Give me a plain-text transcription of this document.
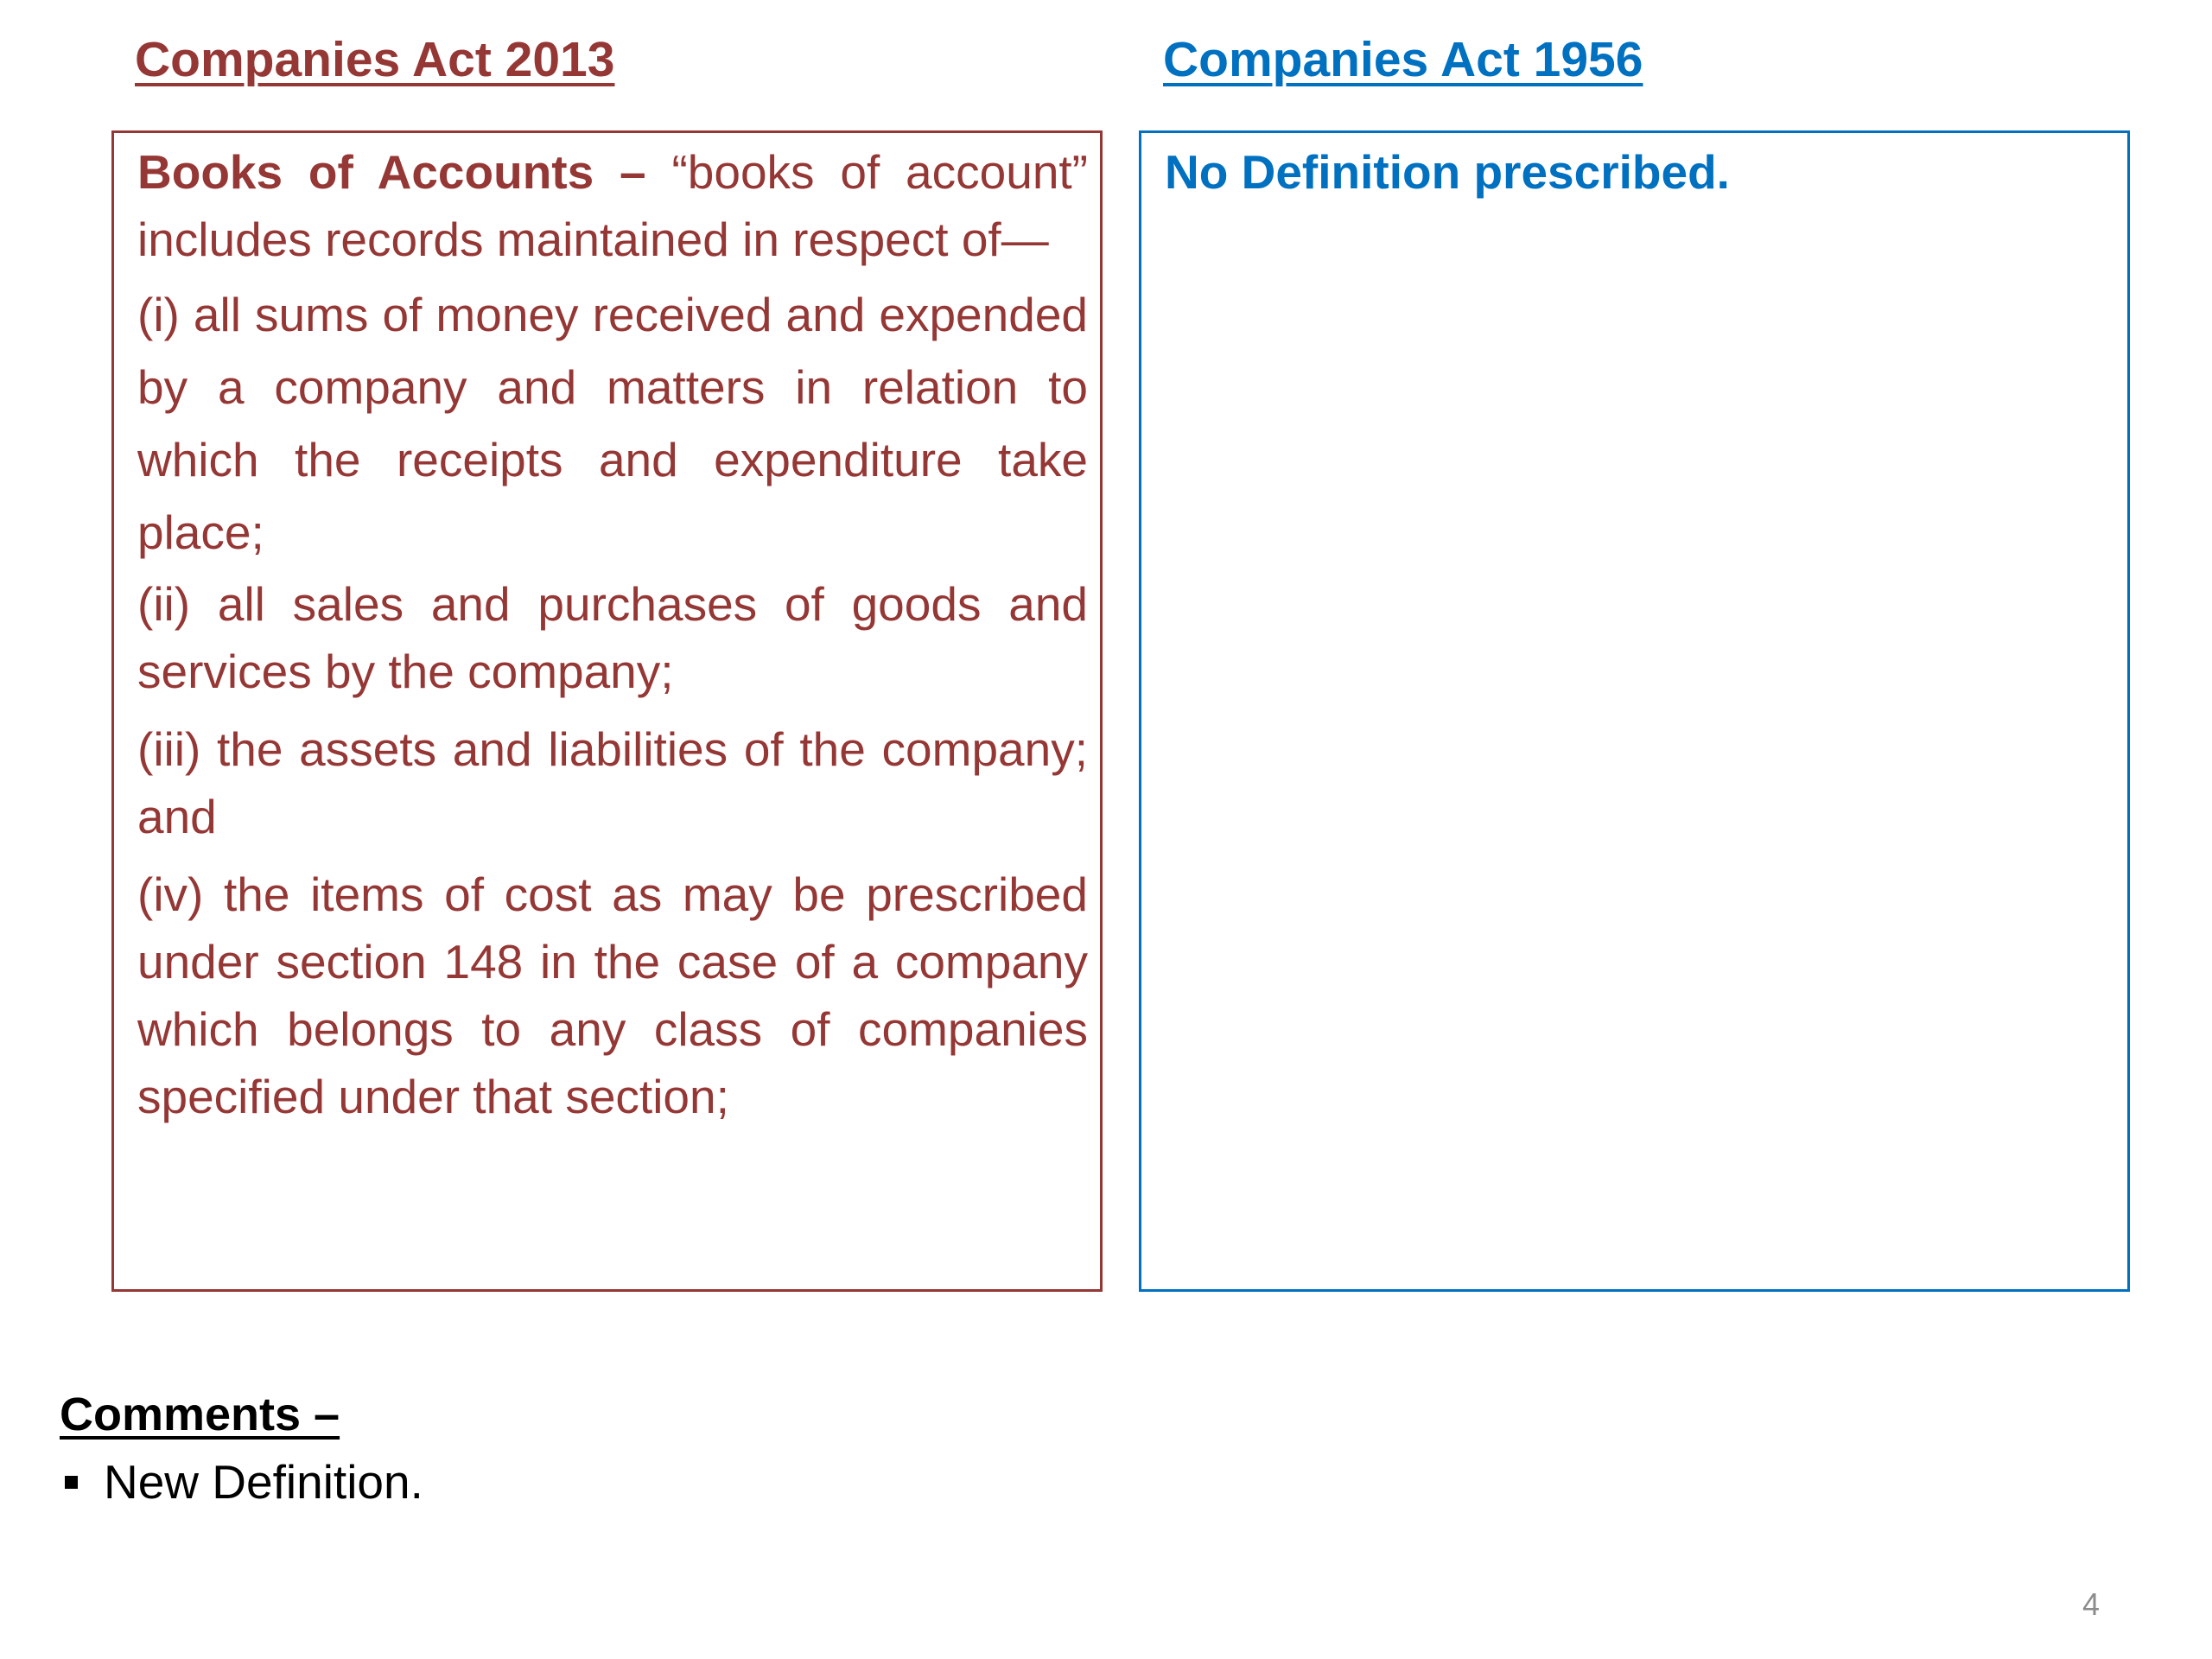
Companies Act 2013	Companies Act 1956

Books of Accounts – “books of account” includes records maintained in respect of—

(i) all sums of money received and expended by a company and matters in relation to which the receipts and expenditure take place;

(ii) all sales and purchases of goods and services by the company;

(iii) the assets and liabilities of the company; and

(iv) the items of cost as may be prescribed under section 148 in the case of a company which belongs to any class of companies specified under that section;

No Definition prescribed.
Comments –
New Definition.
4
